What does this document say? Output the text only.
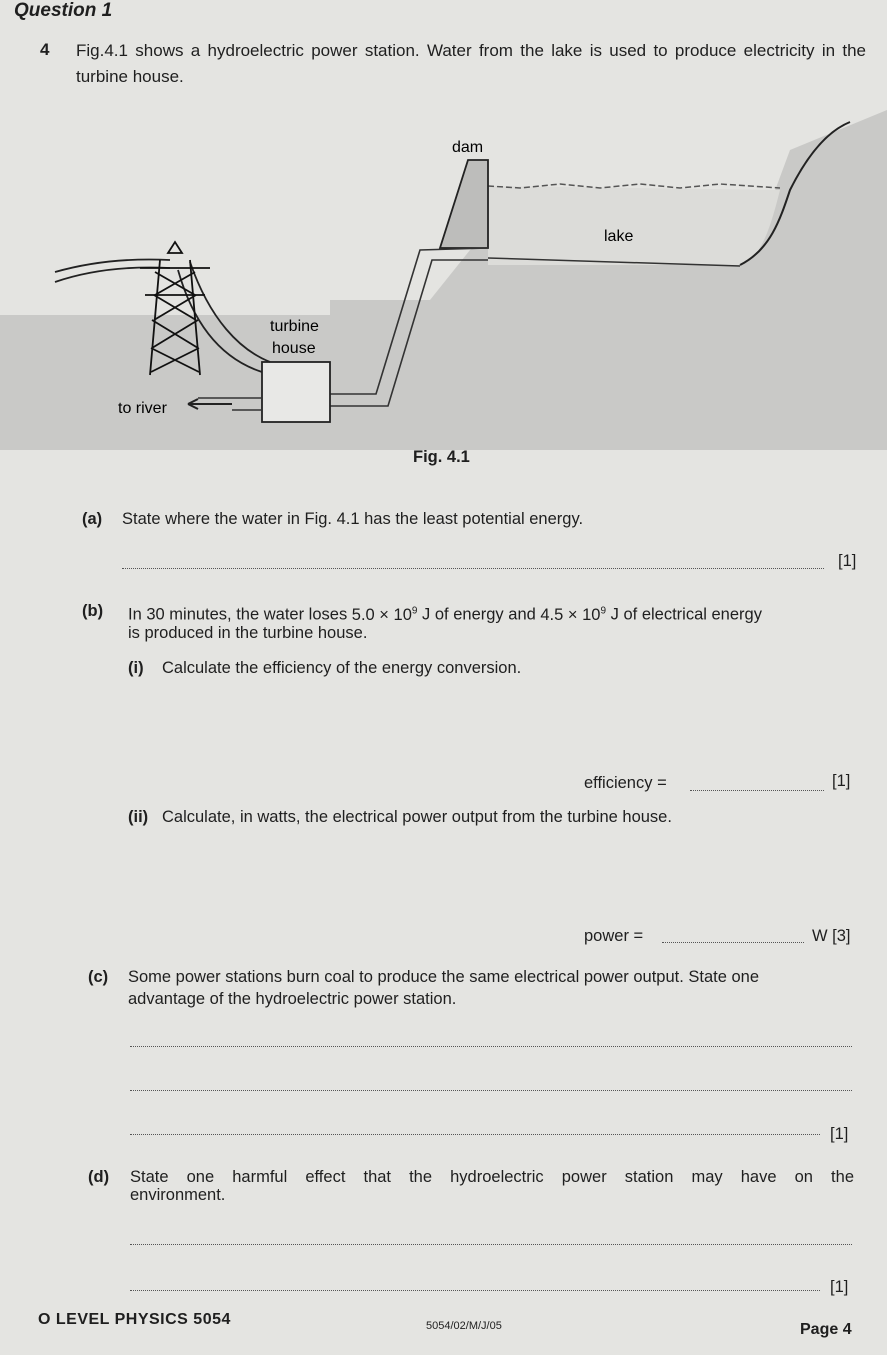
Question 1
4 Fig.4.1 shows a hydroelectric power station. Water from the lake is used to produce electricity in the turbine house.
dam
lake
turbine
house
to river
Fig. 4.1
(a) State where the water in Fig. 4.1 has the least potential energy.
[1]
(b) In 30 minutes, the water loses $5.0 \times 10^9$ J of energy and $4.5 \times 10^9$ J of electrical energy
is produced in the turbine house.
(i) Calculate the efficiency of the energy conversion.
efficiency =	[1]
(ii) Calculate, in watts, the electrical power output from the turbine house.
power =	W [3]
(c) Some power stations burn coal to produce the same electrical power output. State one
advantage of the hydroelectric power station.
[1]
(d) State one harmful effect that the hydroelectric power station may have on the
environment.
[1]
O LEVEL PHYSICS 5054	5054/02/M/J/05	Page 4
